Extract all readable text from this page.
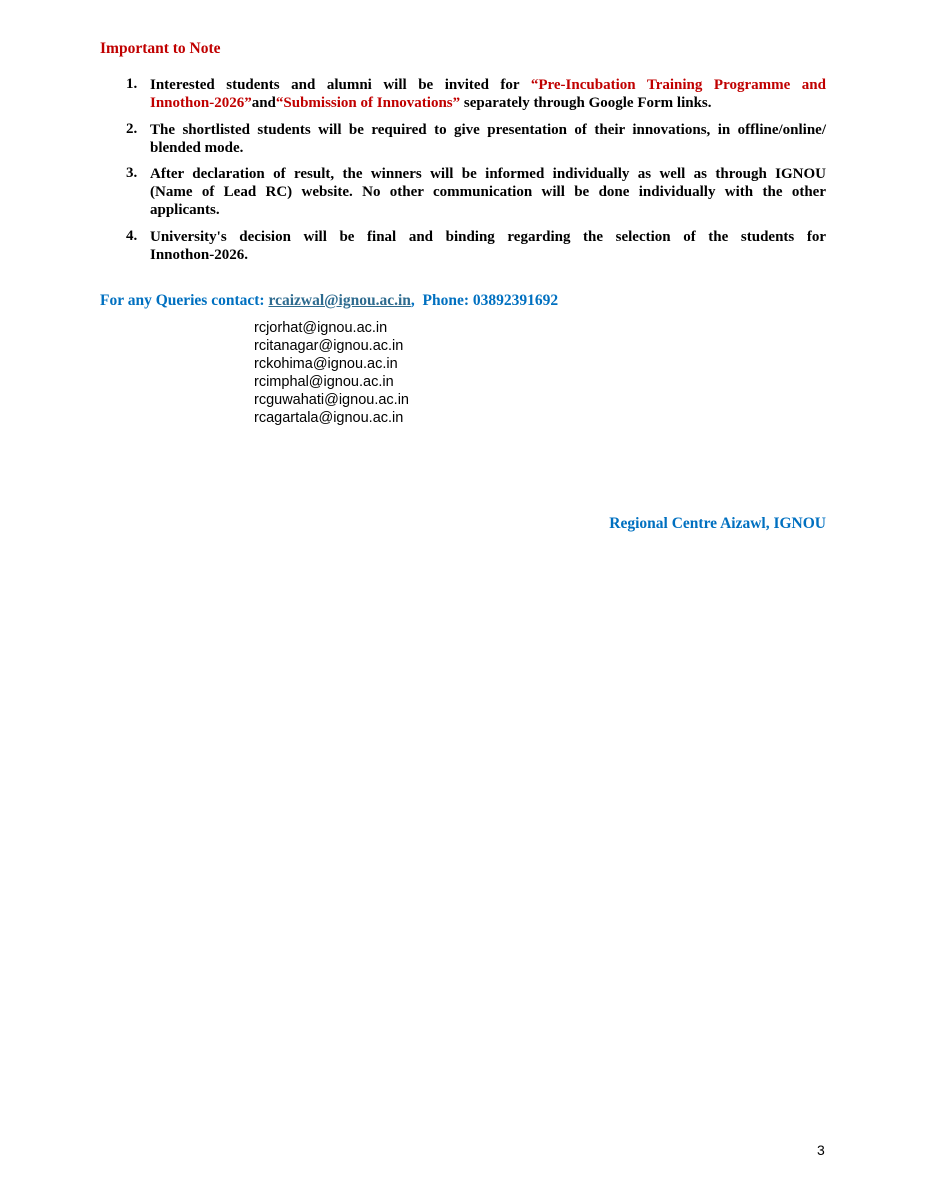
Important to Note
1. Interested students and alumni will be invited for “Pre-Incubation Training Programme and
Innothon-2026”and“Submission of Innovations” separately through Google Form links.
2. The shortlisted students will be required to give presentation of their innovations, in offline/online/
blended mode.
3. After declaration of result, the winners will be informed individually as well as through IGNOU
(Name of Lead RC) website. No other communication will be done individually with the other
applicants.
4. University's decision will be final and binding regarding the selection of the students for
Innothon-2026.
For any Queries contact: rcaizwal@ignou.ac.in,  Phone: 03892391692
rcjorhat@ignou.ac.in
rcitanagar@ignou.ac.in
rckohima@ignou.ac.in
rcimphal@ignou.ac.in
rcguwahati@ignou.ac.in
rcagartala@ignou.ac.in
Regional Centre Aizawl, IGNOU
3
